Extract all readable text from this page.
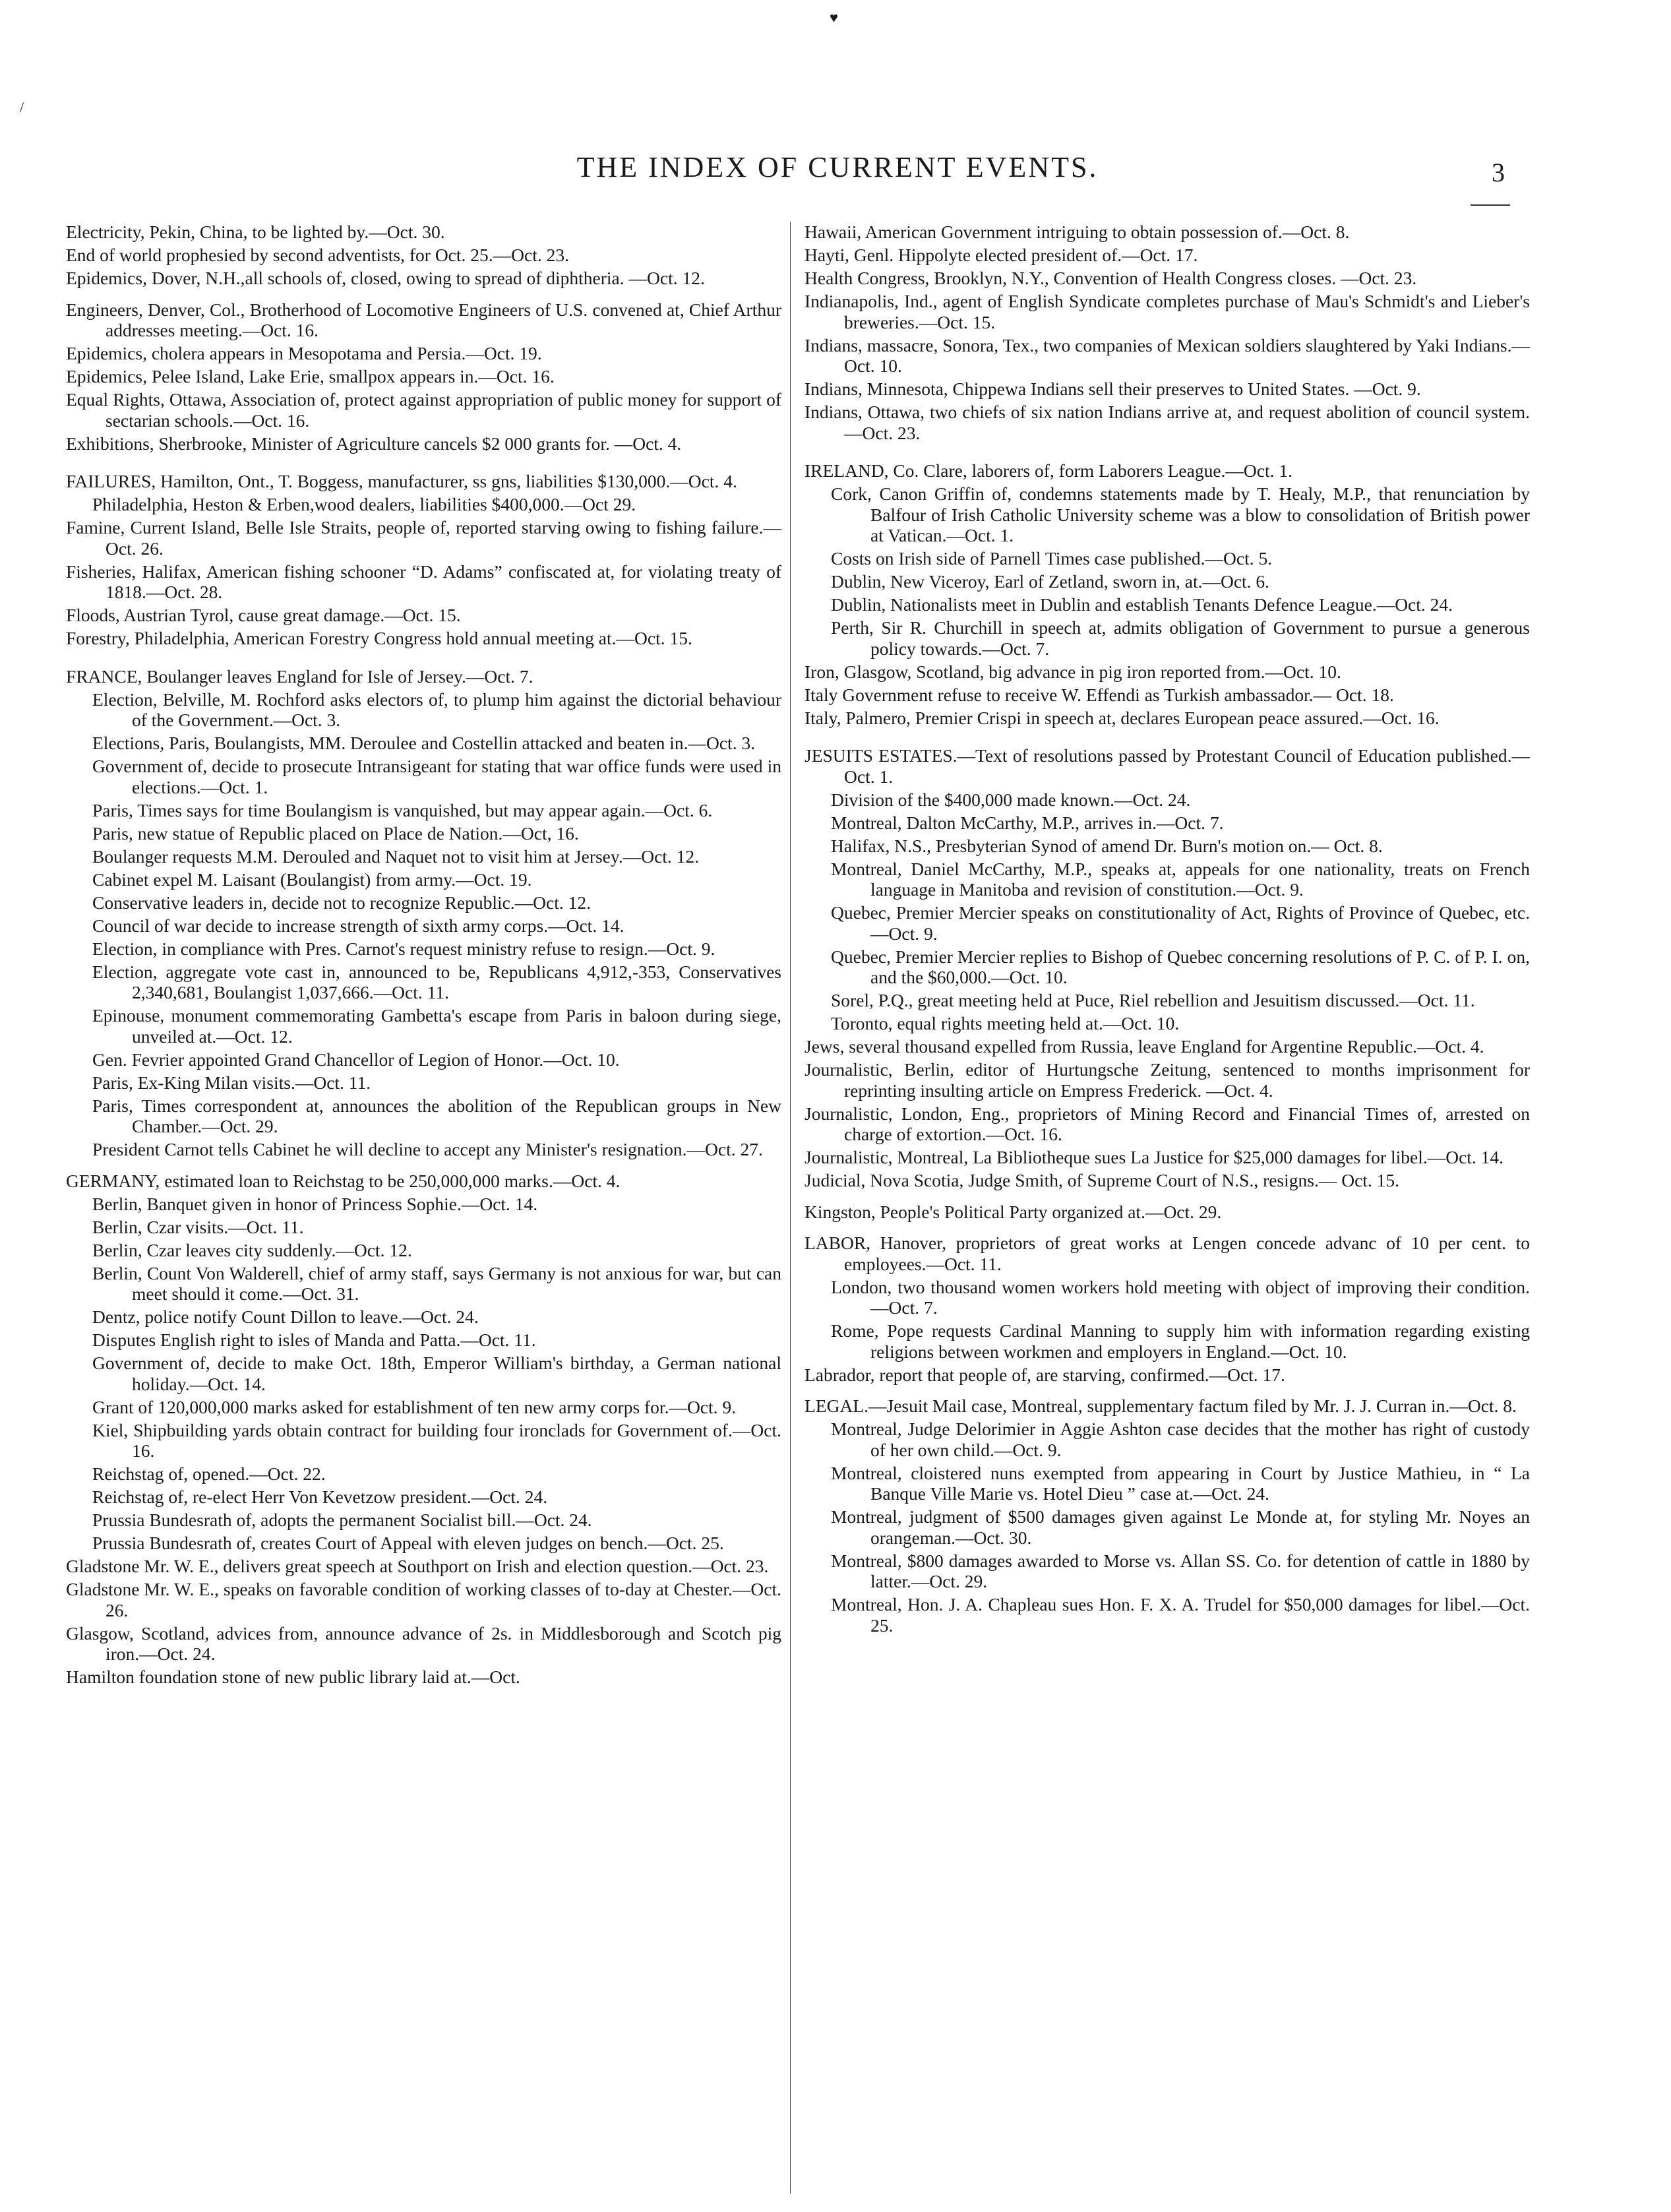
♥
/
THE INDEX OF CURRENT EVENTS.	3
Electricity, Pekin, China, to be lighted by.—Oct. 30.
End of world prophesied by second adventists, for Oct. 25.—Oct. 23.
Epidemics, Dover, N.H.,all schools of, closed, owing to spread of diphtheria. —Oct. 12.
Engineers, Denver, Col., Brotherhood of Locomotive Engineers of U.S. convened at, Chief Arthur addresses meeting.—Oct. 16.
Epidemics, cholera appears in Mesopotama and Persia.—Oct. 19.
Epidemics, Pelee Island, Lake Erie, smallpox appears in.—Oct. 16.
Equal Rights, Ottawa, Association of, protect against appropriation of public money for support of sectarian schools.—Oct. 16.
Exhibitions, Sherbrooke, Minister of Agriculture cancels $2 000 grants for. —Oct. 4.
FAILURES, Hamilton, Ont., T. Boggess, manufacturer, ss gns, liabilities $130,000.—Oct. 4.
Philadelphia, Heston & Erben,wood dealers, liabilities $400,000.—Oct 29.
Famine, Current Island, Belle Isle Straits, people of, reported starving owing to fishing failure.—Oct. 26.
Fisheries, Halifax, American fishing schooner “D. Adams” confiscated at, for violating treaty of 1818.—Oct. 28.
Floods, Austrian Tyrol, cause great damage.—Oct. 15.
Forestry, Philadelphia, American Forestry Congress hold annual meeting at.—Oct. 15.
FRANCE, Boulanger leaves England for Isle of Jersey.—Oct. 7.
Election, Belville, M. Rochford asks electors of, to plump him against the dictorial behaviour of the Government.—Oct. 3.
Elections, Paris, Boulangists, MM. Deroulee and Costellin attacked and beaten in.—Oct. 3.
Government of, decide to prosecute Intransigeant for stating that war office funds were used in elections.—Oct. 1.
Paris, Times says for time Boulangism is vanquished, but may appear again.—Oct. 6.
Paris, new statue of Republic placed on Place de Nation.—Oct, 16.
Boulanger requests M.M. Derouled and Naquet not to visit him at Jersey.—Oct. 12.
Cabinet expel M. Laisant (Boulangist) from army.—Oct. 19.
Conservative leaders in, decide not to recognize Republic.—Oct. 12.
Council of war decide to increase strength of sixth army corps.—Oct. 14.
Election, in compliance with Pres. Carnot's request ministry refuse to resign.—Oct. 9.
Election, aggregate vote cast in, announced to be, Republicans 4,912,-353, Conservatives 2,340,681, Boulangist 1,037,666.—Oct. 11.
Epinouse, monument commemorating Gambetta's escape from Paris in baloon during siege, unveiled at.—Oct. 12.
Gen. Fevrier appointed Grand Chancellor of Legion of Honor.—Oct. 10.
Paris, Ex-King Milan visits.—Oct. 11.
Paris, Times correspondent at, announces the abolition of the Republican groups in New Chamber.—Oct. 29.
President Carnot tells Cabinet he will decline to accept any Minister's resignation.—Oct. 27.
GERMANY, estimated loan to Reichstag to be 250,000,000 marks.—Oct. 4.
Berlin, Banquet given in honor of Princess Sophie.—Oct. 14.
Berlin, Czar visits.—Oct. 11.
Berlin, Czar leaves city suddenly.—Oct. 12.
Berlin, Count Von Walderell, chief of army staff, says Germany is not anxious for war, but can meet should it come.—Oct. 31.
Dentz, police notify Count Dillon to leave.—Oct. 24.
Disputes English right to isles of Manda and Patta.—Oct. 11.
Government of, decide to make Oct. 18th, Emperor William's birthday, a German national holiday.—Oct. 14.
Grant of 120,000,000 marks asked for establishment of ten new army corps for.—Oct. 9.
Kiel, Shipbuilding yards obtain contract for building four ironclads for Government of.—Oct. 16.
Reichstag of, opened.—Oct. 22.
Reichstag of, re-elect Herr Von Kevetzow president.—Oct. 24.
Prussia Bundesrath of, adopts the permanent Socialist bill.—Oct. 24.
Prussia Bundesrath of, creates Court of Appeal with eleven judges on bench.—Oct. 25.
Gladstone Mr. W. E., delivers great speech at Southport on Irish and election question.—Oct. 23.
Gladstone Mr. W. E., speaks on favorable condition of working classes of to-day at Chester.—Oct. 26.
Glasgow, Scotland, advices from, announce advance of 2s. in Middlesborough and Scotch pig iron.—Oct. 24.
Hamilton foundation stone of new public library laid at.—Oct.
Hawaii, American Government intriguing to obtain possession of.—Oct. 8.
Hayti, Genl. Hippolyte elected president of.—Oct. 17.
Health Congress, Brooklyn, N.Y., Convention of Health Congress closes. —Oct. 23.
Indianapolis, Ind., agent of English Syndicate completes purchase of Mau's Schmidt's and Lieber's breweries.—Oct. 15.
Indians, massacre, Sonora, Tex., two companies of Mexican soldiers slaughtered by Yaki Indians.—Oct. 10.
Indians, Minnesota, Chippewa Indians sell their preserves to United States. —Oct. 9.
Indians, Ottawa, two chiefs of six nation Indians arrive at, and request abolition of council system.—Oct. 23.
IRELAND, Co. Clare, laborers of, form Laborers League.—Oct. 1.
Cork, Canon Griffin of, condemns statements made by T. Healy, M.P., that renunciation by Balfour of Irish Catholic University scheme was a blow to consolidation of British power at Vatican.—Oct. 1.
Costs on Irish side of Parnell Times case published.—Oct. 5.
Dublin, New Viceroy, Earl of Zetland, sworn in, at.—Oct. 6.
Dublin, Nationalists meet in Dublin and establish Tenants Defence League.—Oct. 24.
Perth, Sir R. Churchill in speech at, admits obligation of Government to pursue a generous policy towards.—Oct. 7.
Iron, Glasgow, Scotland, big advance in pig iron reported from.—Oct. 10.
Italy Government refuse to receive W. Effendi as Turkish ambassador.— Oct. 18.
Italy, Palmero, Premier Crispi in speech at, declares European peace assured.—Oct. 16.
JESUITS ESTATES.—Text of resolutions passed by Protestant Council of Education published.—Oct. 1.
Division of the $400,000 made known.—Oct. 24.
Montreal, Dalton McCarthy, M.P., arrives in.—Oct. 7.
Halifax, N.S., Presbyterian Synod of amend Dr. Burn's motion on.— Oct. 8.
Montreal, Daniel McCarthy, M.P., speaks at, appeals for one nationality, treats on French language in Manitoba and revision of constitution.—Oct. 9.
Quebec, Premier Mercier speaks on constitutionality of Act, Rights of Province of Quebec, etc.—Oct. 9.
Quebec, Premier Mercier replies to Bishop of Quebec concerning resolutions of P. C. of P. I. on, and the $60,000.—Oct. 10.
Sorel, P.Q., great meeting held at Puce, Riel rebellion and Jesuitism discussed.—Oct. 11.
Toronto, equal rights meeting held at.—Oct. 10.
Jews, several thousand expelled from Russia, leave England for Argentine Republic.—Oct. 4.
Journalistic, Berlin, editor of Hurtungsche Zeitung, sentenced to months imprisonment for reprinting insulting article on Empress Frederick. —Oct. 4.
Journalistic, London, Eng., proprietors of Mining Record and Financial Times of, arrested on charge of extortion.—Oct. 16.
Journalistic, Montreal, La Bibliotheque sues La Justice for $25,000 damages for libel.—Oct. 14.
Judicial, Nova Scotia, Judge Smith, of Supreme Court of N.S., resigns.— Oct. 15.
Kingston, People's Political Party organized at.—Oct. 29.
LABOR, Hanover, proprietors of great works at Lengen concede advanc of 10 per cent. to employees.—Oct. 11.
London, two thousand women workers hold meeting with object of improving their condition.—Oct. 7.
Rome, Pope requests Cardinal Manning to supply him with information regarding existing religions between workmen and employers in England.—Oct. 10.
Labrador, report that people of, are starving, confirmed.—Oct. 17.
LEGAL.—Jesuit Mail case, Montreal, supplementary factum filed by Mr. J. J. Curran in.—Oct. 8.
Montreal, Judge Delorimier in Aggie Ashton case decides that the mother has right of custody of her own child.—Oct. 9.
Montreal, cloistered nuns exempted from appearing in Court by Justice Mathieu, in “ La Banque Ville Marie vs. Hotel Dieu ” case at.—Oct. 24.
Montreal, judgment of $500 damages given against Le Monde at, for styling Mr. Noyes an orangeman.—Oct. 30.
Montreal, $800 damages awarded to Morse vs. Allan SS. Co. for detention of cattle in 1880 by latter.—Oct. 29.
Montreal, Hon. J. A. Chapleau sues Hon. F. X. A. Trudel for $50,000 damages for libel.—Oct. 25.
